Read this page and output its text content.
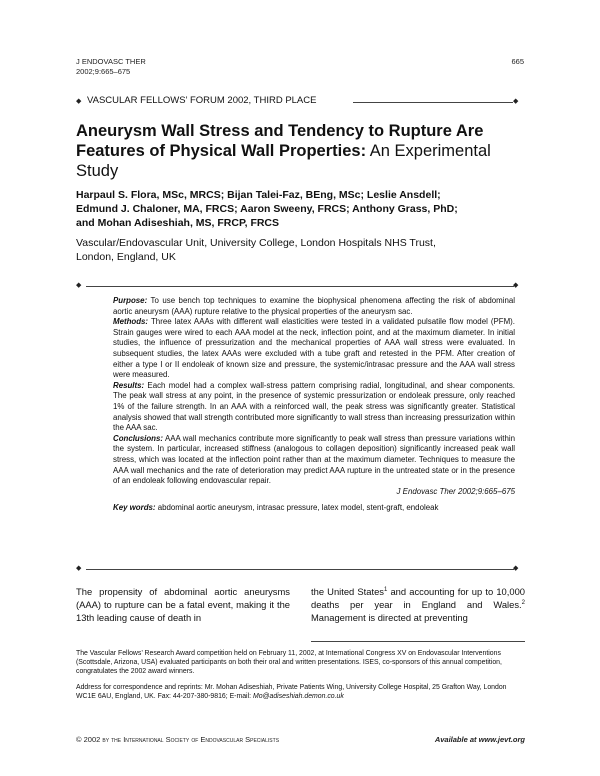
J ENDOVASC THER
2002;9:665–675
665
◆ VASCULAR FELLOWS’ FORUM 2002, THIRD PLACE	◆
Aneurysm Wall Stress and Tendency to Rupture Are Features of Physical Wall Properties: An Experimental Study
Harpaul S. Flora, MSc, MRCS; Bijan Talei-Faz, BEng, MSc; Leslie Ansdell;
Edmund J. Chaloner, MA, FRCS; Aaron Sweeny, FRCS; Anthony Grass, PhD;
and Mohan Adiseshiah, MS, FRCP, FRCS
Vascular/Endovascular Unit, University College, London Hospitals NHS Trust,
London, England, UK
◆	◆

Purpose: To use bench top techniques to examine the biophysical phenomena affecting the risk of abdominal aortic aneurysm (AAA) rupture relative to the physical properties of the aneurysm sac.

Methods: Three latex AAAs with different wall elasticities were tested in a validated pulsatile flow model (PFM). Strain gauges were wired to each AAA model at the neck, inflection point, and at the maximum diameter. In initial studies, the influence of pressurization and the mechanical properties of AAA wall stress were evaluated. In subsequent studies, the latex AAAs were excluded with a tube graft and retested in the PFM. After creation of either a type I or II endoleak of known size and pressure, the systemic/intrasac pressure and the AAA wall stress were measured.

Results: Each model had a complex wall-stress pattern comprising radial, longitudinal, and shear components. The peak wall stress at any point, in the presence of systemic pressurization or endoleak pressure, only reached 1% of the failure strength. In an AAA with a reinforced wall, the peak stress was significantly greater. Statistical analysis showed that wall strength contributed more significantly to wall stress than increasing pressurization within the AAA sac.

Conclusions: AAA wall mechanics contribute more significantly to peak wall stress than pressure variations within the system. In particular, increased stiffness (analogous to collagen deposition) significantly increased peak wall stress, which was located at the inflection point rather than at the maximum diameter. Techniques to measure the AAA wall mechanics and the rate of deterioration may predict AAA rupture in the untreated state or in the presence of an endoleak following endovascular repair.

J Endovasc Ther 2002;9:665–675

Key words: abdominal aortic aneurysm, intrasac pressure, latex model, stent-graft, endoleak

◆	◆
The propensity of abdominal aortic aneurysms (AAA) to rupture can be a fatal event, making it the 13th leading cause of death in
the United States$^1$ and accounting for up to 10,000 deaths per year in England and Wales.$^2$ Management is directed at preventing

The Vascular Fellows’ Research Award competition held on February 11, 2002, at International Congress XV on Endovascular Interventions (Scottsdale, Arizona, USA) evaluated participants on both their oral and written presentations. ISES, co-sponsors of this annual competition, congratulates the 2002 award winners.

Address for correspondence and reprints: Mr. Mohan Adiseshiah, Private Patients Wing, University College Hospital, 25 Grafton Way, London WC1E 6AU, England, UK. Fax: 44-207-380-9816; E-mail: Mo@adiseshiah.demon.co.uk

© 2002 by the International Society of Endovascular Specialists	Available at www.jevt.org
